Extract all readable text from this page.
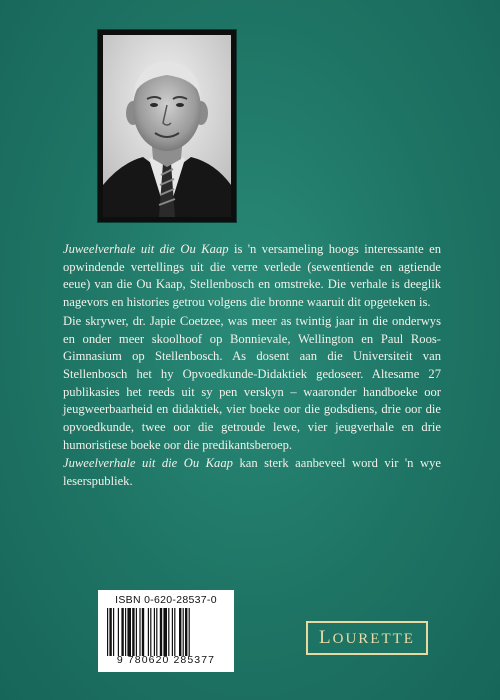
Juweelverhale uit die Ou Kaap is 'n versameling hoogs interessante en opwindende vertellings uit die verre verlede (sewentiende en agtiende eeue) van die Ou Kaap, Stellenbosch en omstreke. Die verhale is deeglik nagevors en histories getrou volgens die bronne waaruit dit opgeteken is.

Die skrywer, dr. Japie Coetzee, was meer as twintig jaar in die onderwys en onder meer skoolhoof op Bonnievale, Wellington en Paul Roos-Gimnasium op Stellenbosch. As dosent aan die Universiteit van Stellenbosch het hy Opvoedkunde-Didaktiek gedoseer. Altesame 27 publikasies het reeds uit sy pen verskyn – waaronder handboeke oor jeugweerbaarheid en didaktiek, vier boeke oor die godsdiens, drie oor die opvoedkunde, twee oor die getroude lewe, vier jeugverhale en drie humoristiese boeke oor die predikantsberoep.

Juweelverhale uit die Ou Kaap kan sterk aanbeveel word vir 'n wye leserspubliek.

ISBN 0-620-28537-0
9 780620 285377
LOURETTE
